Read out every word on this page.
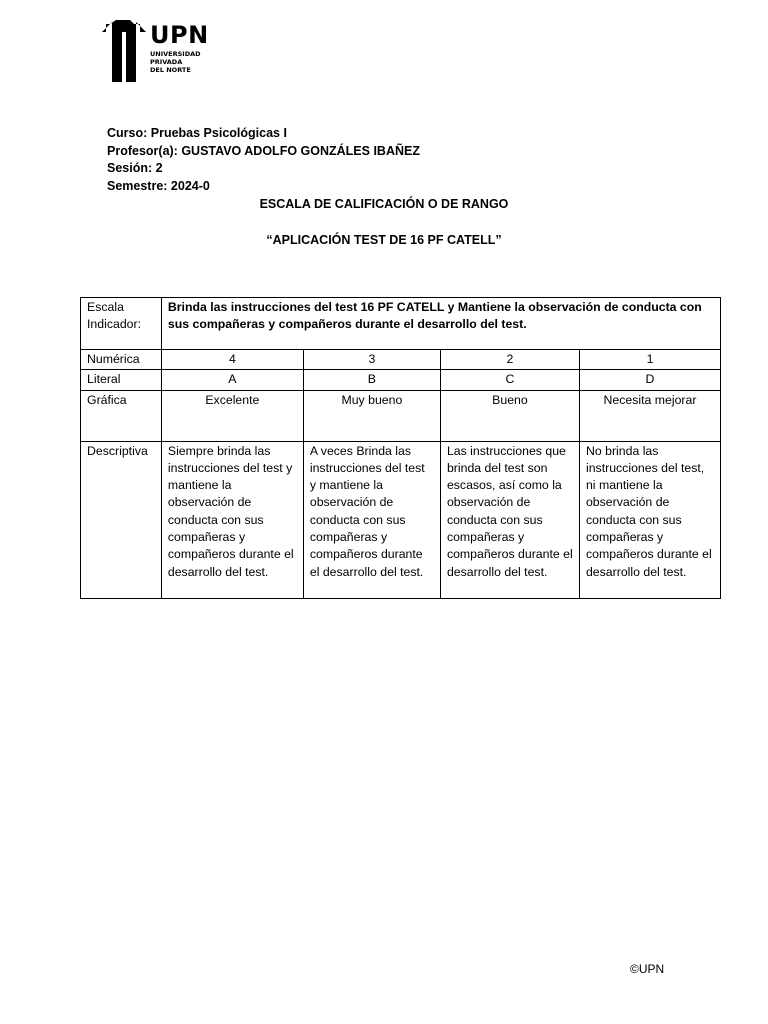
UPN
UNIVERSIDAD
PRIVADA
DEL NORTE
Curso: Pruebas Psicológicas I
Profesor(a): GUSTAVO ADOLFO GONZÁLES IBAÑEZ
Sesión: 2
Semestre: 2024-0
ESCALA DE CALIFICACIÓN O DE RANGO
“APLICACIÓN TEST DE 16 PF CATELL”
Escala
Indicador:	Brinda las instrucciones del test 16 PF CATELL y Mantiene la observación de conducta con sus compañeras y compañeros durante el desarrollo del test.			
Numérica	4	3	2	1
Literal	A	B	C	D
Gráfica	Excelente	Muy bueno	Bueno	Necesita mejorar
Descriptiva	Siempre brinda las instrucciones del test y mantiene la observación de conducta con sus compañeras y compañeros durante el desarrollo del test.	A veces Brinda las instrucciones del test y mantiene la observación de conducta con sus compañeras y compañeros durante el desarrollo del test.	Las instrucciones que brinda del test son escasos, así como la observación de conducta con sus compañeras y compañeros durante el desarrollo del test.	No brinda las instrucciones del test, ni mantiene la observación de conducta con sus compañeras y compañeros durante el desarrollo del test.
©UPN
